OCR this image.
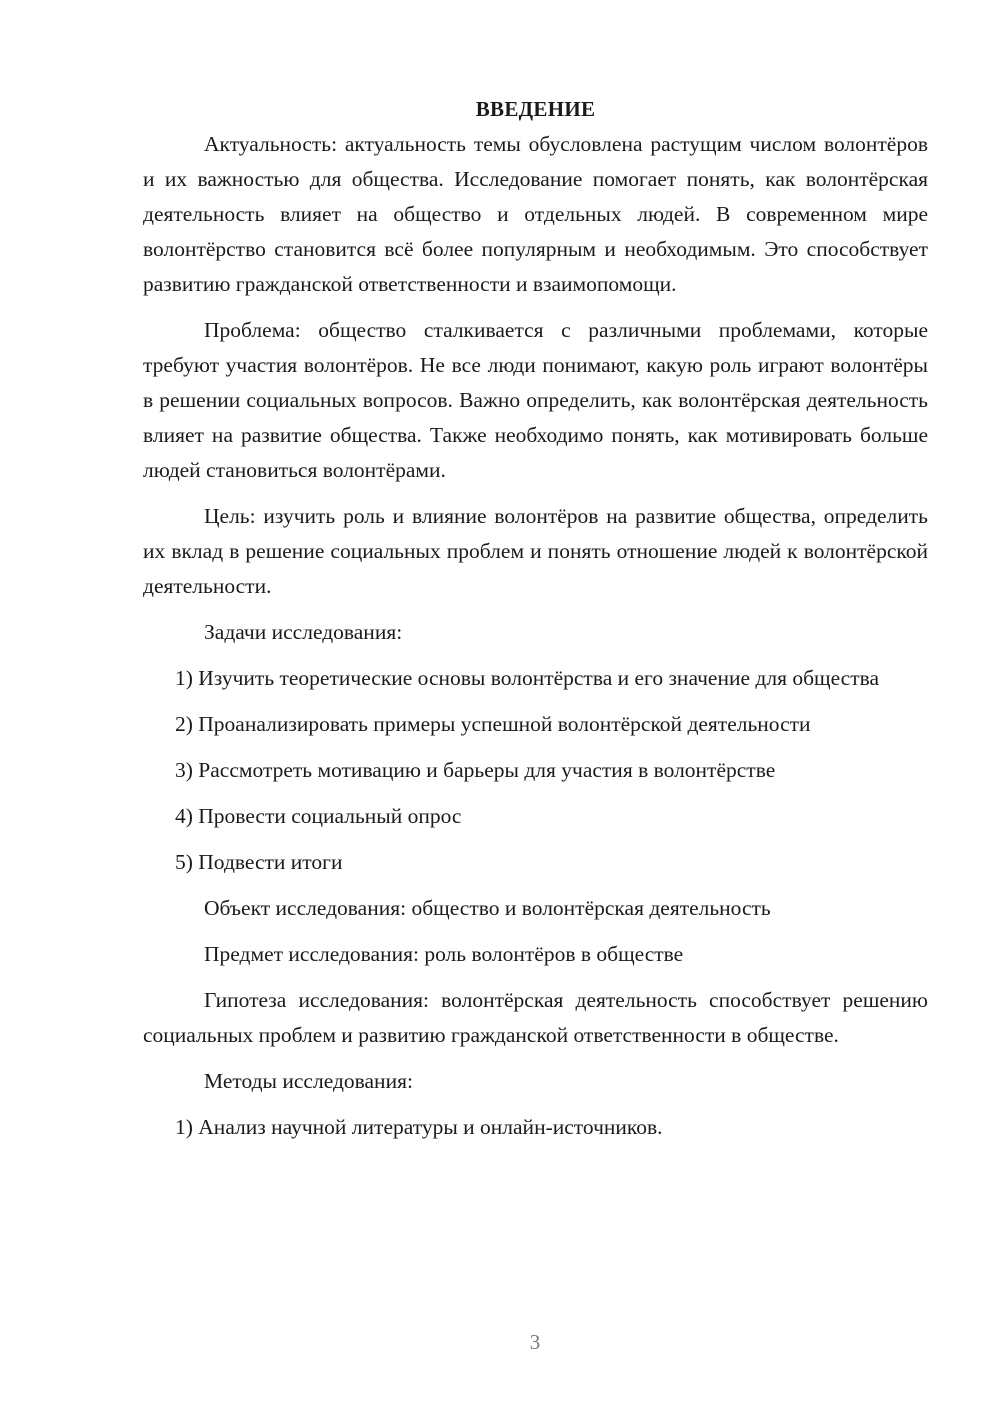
ВВЕДЕНИЕ

Актуальность: актуальность темы обусловлена растущим числом волонтёров и их важностью для общества. Исследование помогает понять, как волонтёрская деятельность влияет на общество и отдельных людей. В современном мире волонтёрство становится всё более популярным и необходимым. Это способствует развитию гражданской ответственности и взаимопомощи.

Проблема: общество сталкивается с различными проблемами, которые требуют участия волонтёров. Не все люди понимают, какую роль играют волонтёры в решении социальных вопросов. Важно определить, как волонтёрская деятельность влияет на развитие общества. Также необходимо понять, как мотивировать больше людей становиться волонтёрами.

Цель: изучить роль и влияние волонтёров на развитие общества, определить их вклад в решение социальных проблем и понять отношение людей к волонтёрской деятельности.

Задачи исследования:

1) Изучить теоретические основы волонтёрства и его значение для общества

2) Проанализировать примеры успешной волонтёрской деятельности

3) Рассмотреть мотивацию и барьеры для участия в волонтёрстве

4) Провести социальный опрос

5) Подвести итоги

Объект исследования: общество и волонтёрская деятельность

Предмет исследования: роль волонтёров в обществе

Гипотеза исследования: волонтёрская деятельность способствует решению социальных проблем и развитию гражданской ответственности в обществе.

Методы исследования:

1) Анализ научной литературы и онлайн-источников.

3
